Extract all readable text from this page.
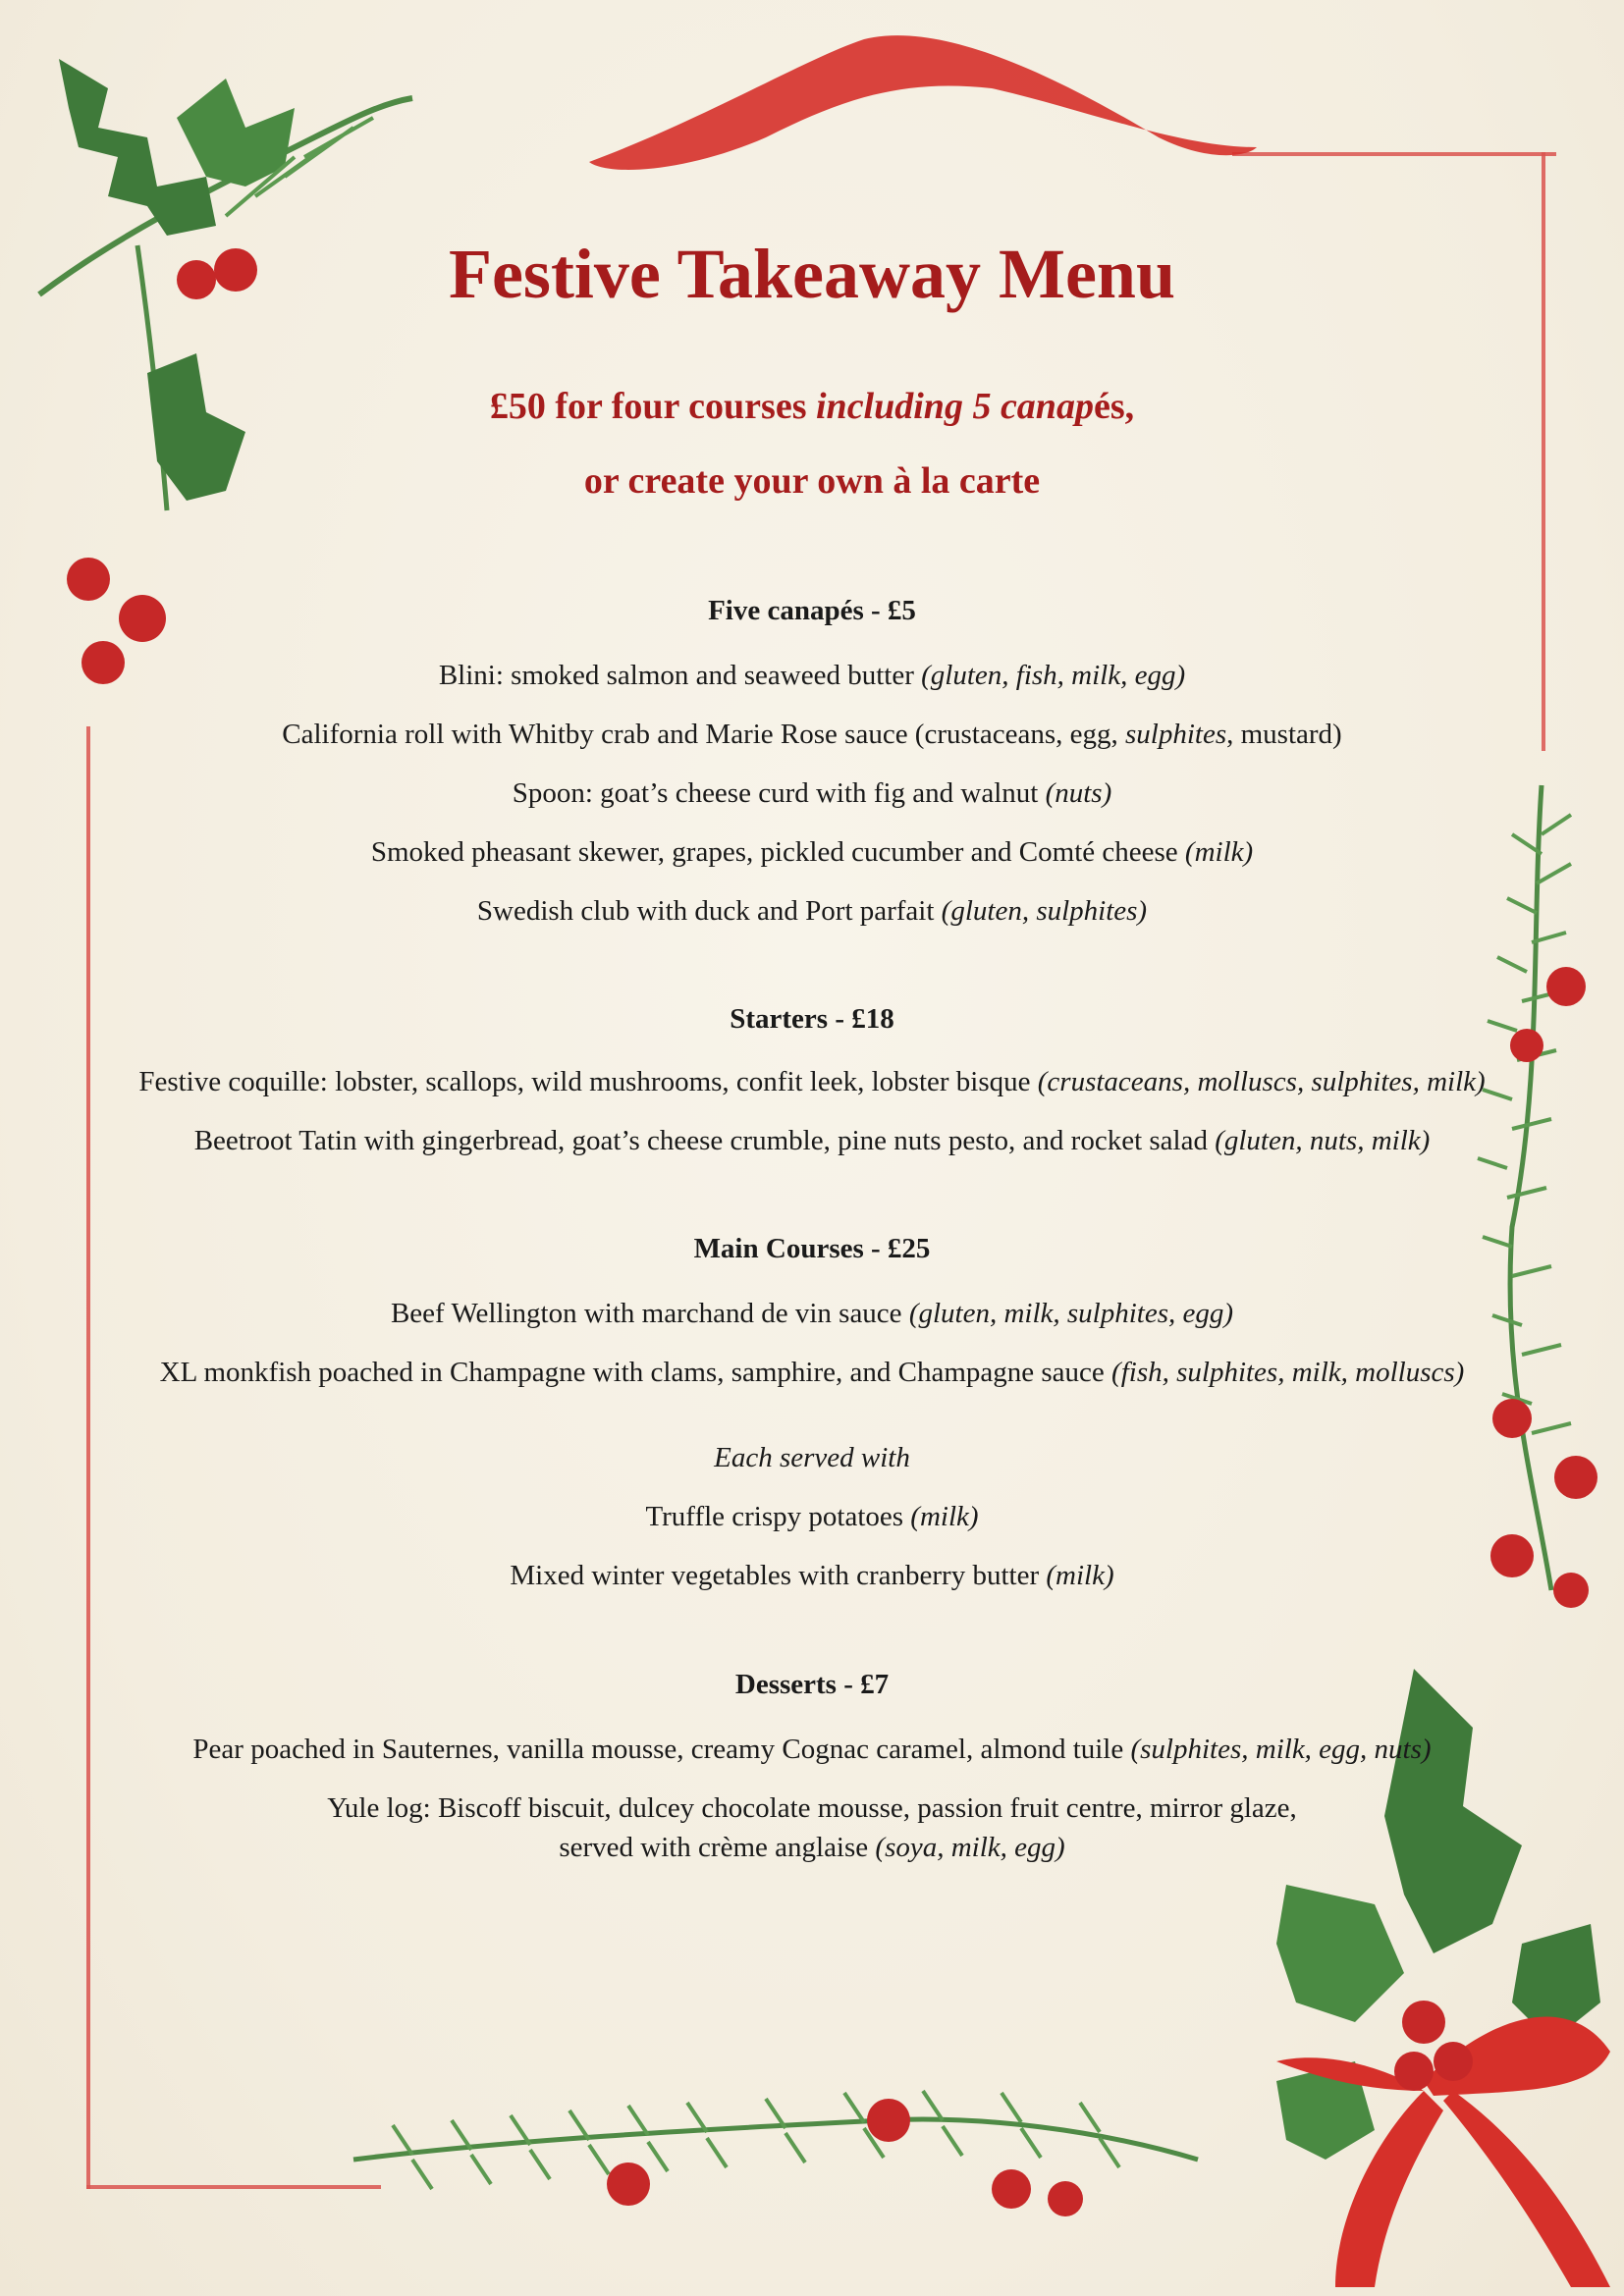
Festive Takeaway Menu
£50 for four courses including 5 canapés,
or create your own à la carte
Five canapés - £5
Blini: smoked salmon and seaweed butter (gluten, fish, milk, egg)
California roll with Whitby crab and Marie Rose sauce (crustaceans, egg, sulphites, mustard)
Spoon: goat’s cheese curd with fig and walnut (nuts)
Smoked pheasant skewer, grapes, pickled cucumber and Comté cheese (milk)
Swedish club with duck and Port parfait (gluten, sulphites)
Starters - £18
Festive coquille: lobster, scallops, wild mushrooms, confit leek, lobster bisque (crustaceans, molluscs, sulphites, milk)
Beetroot Tatin with gingerbread, goat’s cheese crumble, pine nuts pesto, and rocket salad (gluten, nuts, milk)
Main Courses - £25
Beef Wellington with marchand de vin sauce (gluten, milk, sulphites, egg)
XL monkfish poached in Champagne with clams, samphire, and Champagne sauce (fish, sulphites, milk, molluscs)
Each served with
Truffle crispy potatoes (milk)
Mixed winter vegetables with cranberry butter (milk)
Desserts - £7
Pear poached in Sauternes, vanilla mousse, creamy Cognac caramel, almond tuile (sulphites, milk, egg, nuts)
Yule log: Biscoff biscuit, dulcey chocolate mousse, passion fruit centre, mirror glaze,
served with crème anglaise (soya, milk, egg)
